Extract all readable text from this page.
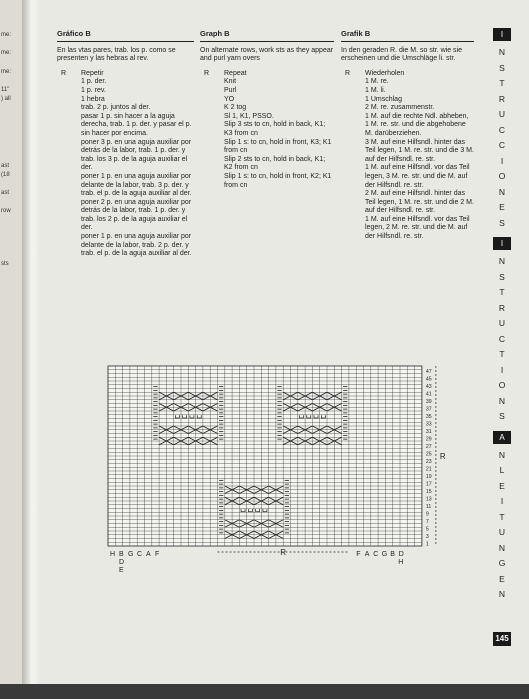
me:
me:
me:
11"
) all
ast
(18
ast
row
sts
Gráfico B
En las vtas pares, trab. los p. como se presenten y las hebras al rev.
R	Repetir
1 p. der.
1 p. rev.
1 hebra
trab. 2 p. juntos al der.
pasar 1 p. sin hacer a la aguja derecha, trab. 1 p. der. y pasar el p. sin hacer por encima.
poner 3 p. en una aguja auxiliar por detrás de la labor, trab. 1 p. der. y trab. los 3 p. de la aguja auxiliar el der.
poner 1 p. en una aguja auxiliar por delante de la labor, trab. 3 p. der. y trab. el p. de la aguja auxiliar al der.
poner 2 p. en una aguja auxiliar por detrás de la labor, trab. 1 p. der. y trab. los 2 p. de la aguja auxiliar el der.
poner 1 p. en una aguja auxiliar por delante de la labor, trab. 2 p. der. y trab. el p. de la aguja auxiliar al der.
Graph B
On alternate rows, work sts as they appear and purl yarn overs
R	Repeat
Knit
Purl
YO
K 2 tog
Sl 1, K1, PSSO.
Slip 3 sts to cn, hold in back, K1; K3 from cn
Slip 1 s: to cn, hold in front, K3; K1 from cn
Slip 2 sts to cn, hold in back, K1; K2 from cn
Slip 1 s: to cn, hold in front, K2; K1 from cn
Grafik B
In den geraden R. die M. so str. wie sie erscheinen und die Umschläge li. str.
R	Wiederholen
1 M. re.
1 M. li.
1 Umschlag
2 M. re. zusammenstr.
1 M. auf die rechte Ndl. abheben, 1 M. re. str. und die abgehobene M. darüberziehen.
3 M. auf eine Hilfsndl. hinter das Teil legen, 1 M. re. str. und die 3 M. auf der Hilfsndl. re. str.
1 M. auf eine Hilfsndl. vor das Teil legen, 3 M. re. str. und die M. auf der Hilfsndl. re. str.
2 M. auf eine Hilfsndl. hinter das Teil legen, 1 M. re. str. und die 2 M. auf der Hilfsndl. re. str.
1 M. auf eine Hilfsndl. vor das Teil legen, 2 M. re. str. und die M. auf der Hilfsndl. re. str.
I
N
S
T
R
U
C
C
I
O
N
E
S
I
N
S
T
R
U
C
T
I
O
N
S
A
N
L
E
I
T
U
N
G
E
N
145
1
3
5
7
9
11
13
15
17
19
21
23
25
27
29
31
33
35
37
39
41
43
45
47
R
R
H B G C A F
D
E
F A C G B D
H
